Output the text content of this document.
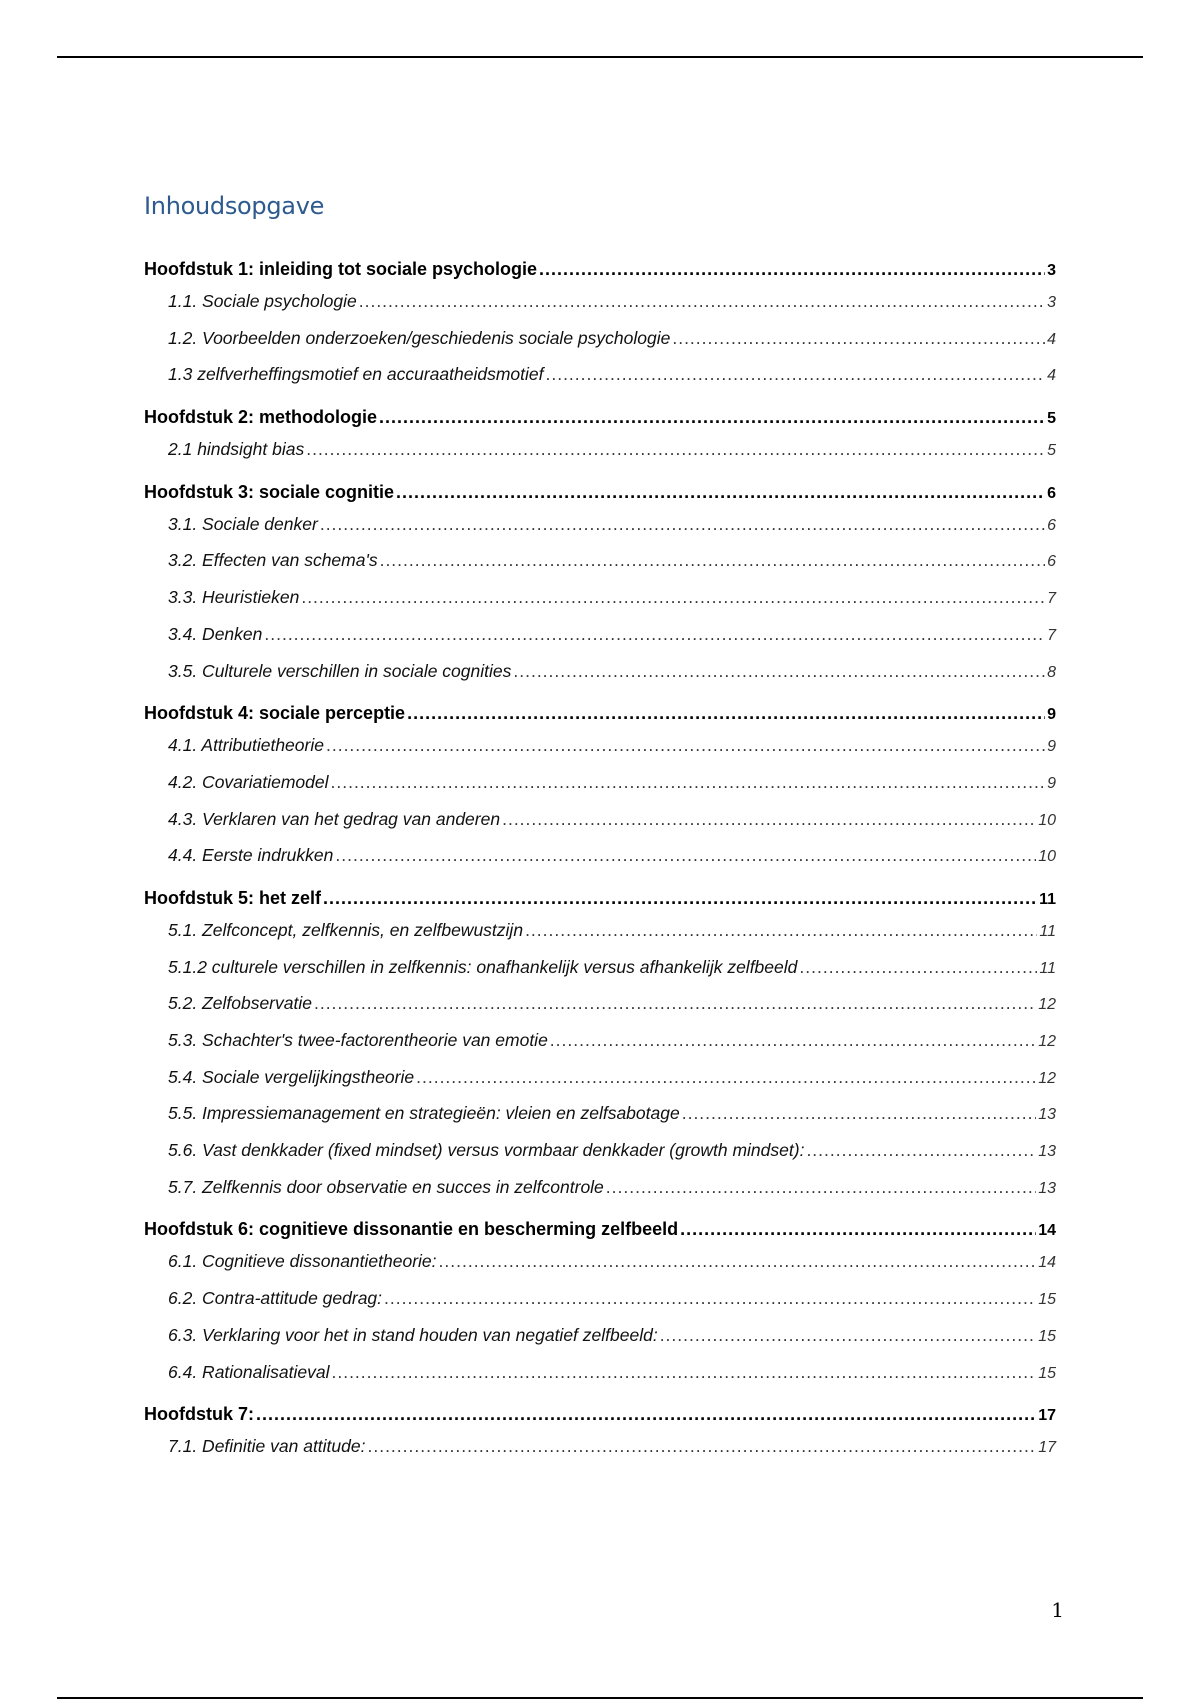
Inhoudsopgave
Hoofdstuk 1: inleiding tot sociale psychologie .....	3
1.1. Sociale psychologie .....	3
1.2. Voorbeelden onderzoeken/geschiedenis sociale psychologie .....	4
1.3 zelfverheffingsmotief en accuraatheidsmotief .....	4
Hoofdstuk 2: methodologie .....	5
2.1 hindsight bias .....	5
Hoofdstuk 3: sociale cognitie .....	6
3.1. Sociale denker .....	6
3.2. Effecten van schema's .....	6
3.3. Heuristieken .....	7
3.4. Denken .....	7
3.5. Culturele verschillen in sociale cognities .....	8
Hoofdstuk 4: sociale perceptie .....	9
4.1. Attributietheorie .....	9
4.2. Covariatiemodel .....	9
4.3. Verklaren van het gedrag van anderen .....	10
4.4. Eerste indrukken .....	10
Hoofdstuk 5: het zelf .....	11
5.1. Zelfconcept, zelfkennis, en zelfbewustzijn .....	11
5.1.2 culturele verschillen in zelfkennis: onafhankelijk versus afhankelijk zelfbeeld .....	11
5.2. Zelfobservatie .....	12
5.3. Schachter's twee-factorentheorie van emotie .....	12
5.4. Sociale vergelijkingstheorie .....	12
5.5. Impressiemanagement en strategieën: vleien en zelfsabotage .....	13
5.6. Vast denkkader (fixed mindset) versus vormbaar denkkader (growth mindset): .....	13
5.7. Zelfkennis door observatie en succes in zelfcontrole .....	13
Hoofdstuk 6: cognitieve dissonantie en bescherming zelfbeeld .....	14
6.1. Cognitieve dissonantietheorie: .....	14
6.2. Contra-attitude gedrag: .....	15
6.3. Verklaring voor het in stand houden van negatief zelfbeeld: .....	15
6.4. Rationalisatieval .....	15
Hoofdstuk 7: .....	17
7.1. Definitie van attitude: .....	17
1
